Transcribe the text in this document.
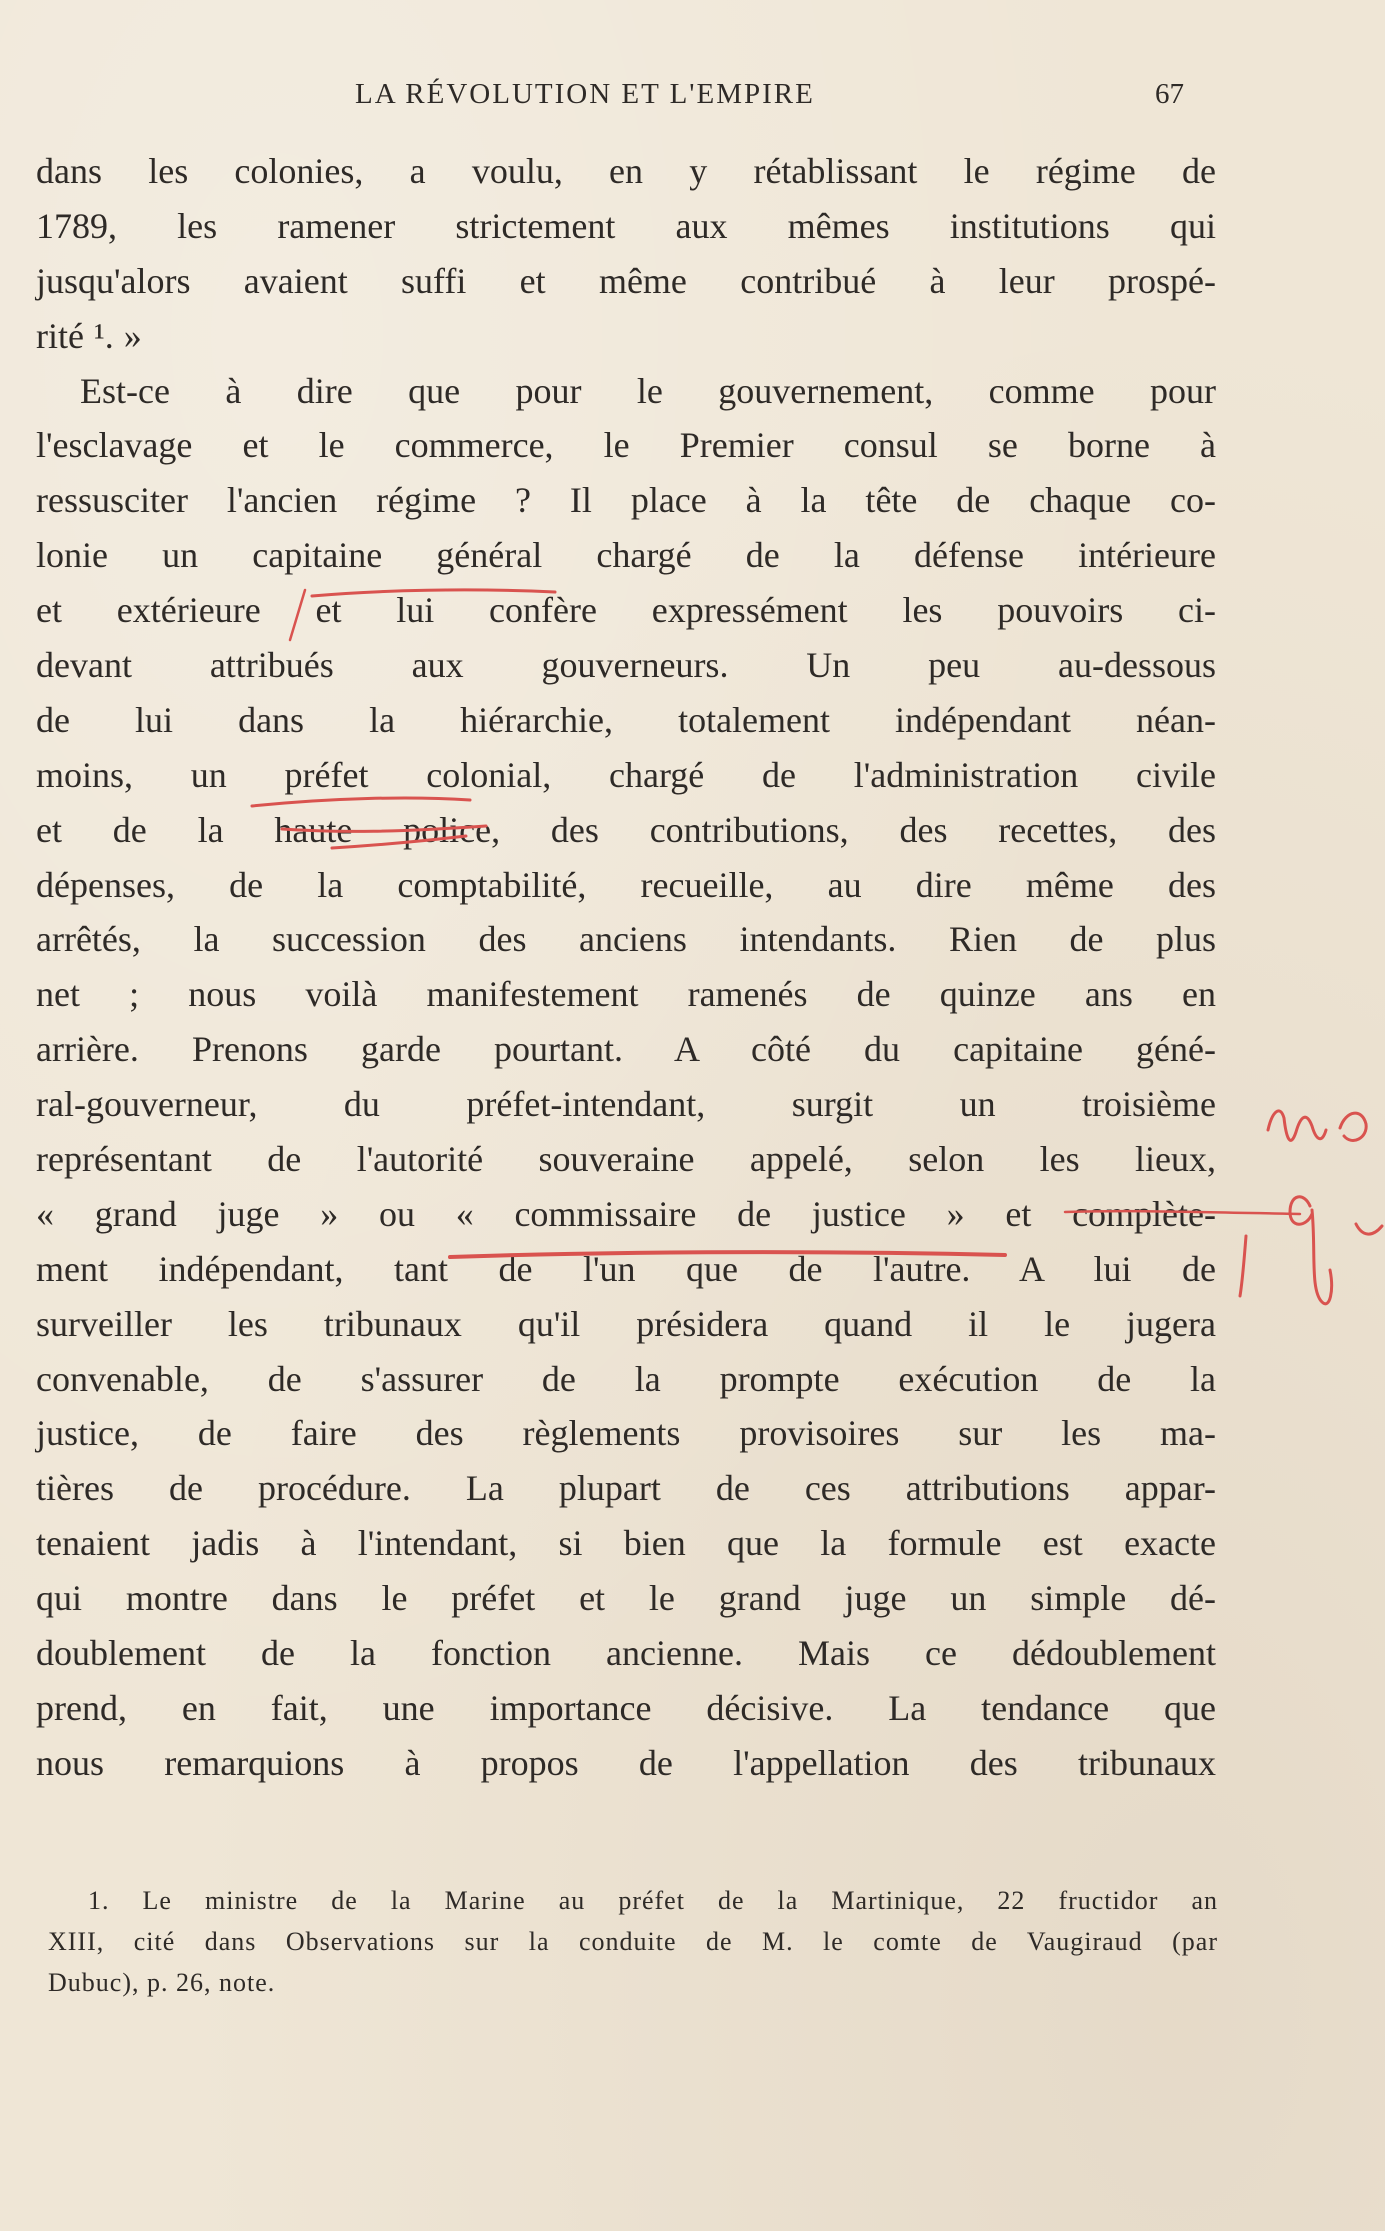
LA RÉVOLUTION ET L'EMPIRE	67
dans les colonies, a voulu, en y rétablissant le régime de
1789, les ramener strictement aux mêmes institutions qui
jusqu'alors avaient suffi et même contribué à leur prospé-
rité ¹. »
Est-ce à dire que pour le gouvernement, comme pour
l'esclavage et le commerce, le Premier consul se borne à
ressusciter l'ancien régime ? Il place à la tête de chaque co-
lonie un capitaine général chargé de la défense intérieure
et extérieure et lui confère expressément les pouvoirs ci-
devant attribués aux gouverneurs. Un peu au-dessous
de lui dans la hiérarchie, totalement indépendant néan-
moins, un préfet colonial, chargé de l'administration civile
et de la haute police, des contributions, des recettes, des
dépenses, de la comptabilité, recueille, au dire même des
arrêtés, la succession des anciens intendants. Rien de plus
net ; nous voilà manifestement ramenés de quinze ans en
arrière. Prenons garde pourtant. A côté du capitaine géné-
ral-gouverneur, du préfet-intendant, surgit un troisième
représentant de l'autorité souveraine appelé, selon les lieux,
« grand juge » ou « commissaire de justice » et complète-
ment indépendant, tant de l'un que de l'autre. A lui de
surveiller les tribunaux qu'il présidera quand il le jugera
convenable, de s'assurer de la prompte exécution de la
justice, de faire des règlements provisoires sur les ma-
tières de procédure. La plupart de ces attributions appar-
tenaient jadis à l'intendant, si bien que la formule est exacte
qui montre dans le préfet et le grand juge un simple dé-
doublement de la fonction ancienne. Mais ce dédoublement
prend, en fait, une importance décisive. La tendance que
nous remarquions à propos de l'appellation des tribunaux
1. Le ministre de la Marine au préfet de la Martinique, 22 fructidor an
XIII, cité dans Observations sur la conduite de M. le comte de Vaugiraud (par
Dubuc), p. 26, note.
